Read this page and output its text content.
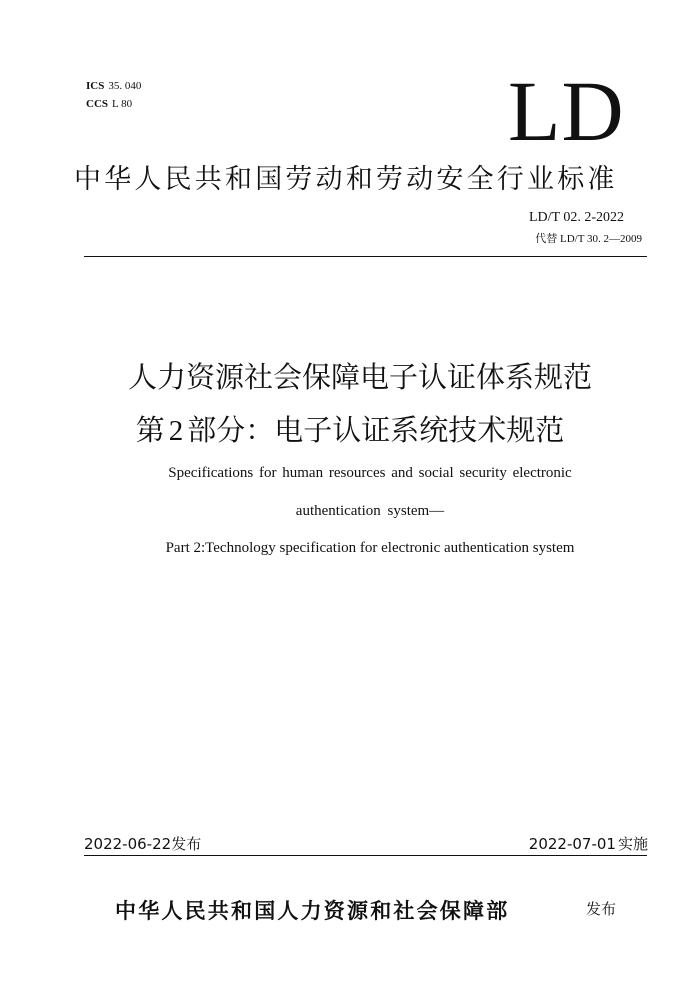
ICS 35. 040
CCS L 80	LD
中华人民共和国劳动和劳动安全行业标准
LD/T 02. 2-2022
代替 LD/T 30. 2—2009
人力资源社会保障电子认证体系规范
第 2 部分：电子认证系统技术规范
Specifications for human resources and social security electronic
authentication system—
Part 2:Technology specification for electronic authentication system
2022-06-22发布	2022-07-01 实施
中华人民共和国人力资源和社会保障部	发布
